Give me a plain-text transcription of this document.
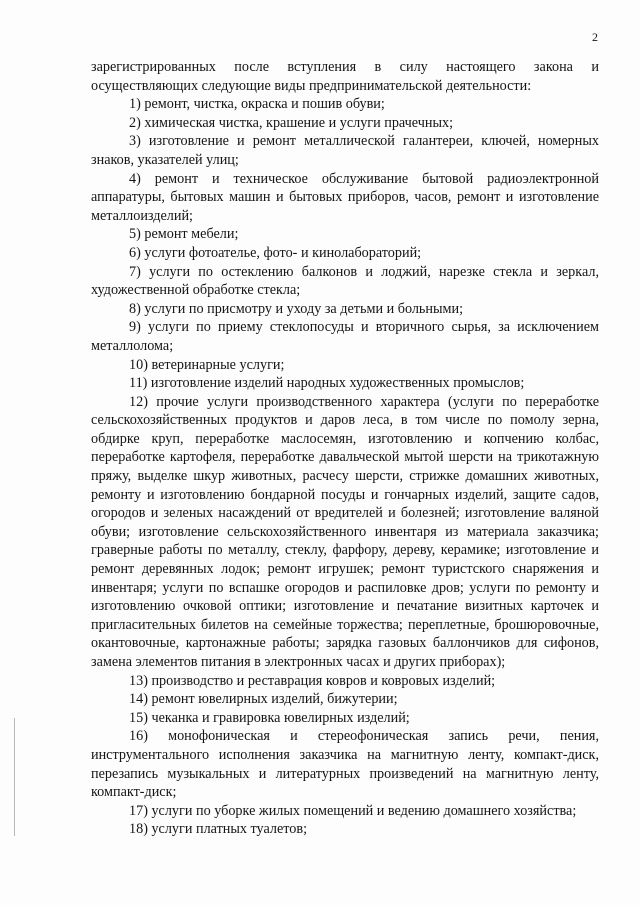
2

зарегистрированных после вступления в силу настоящего закона и осуществляющих следующие виды предпринимательской деятельности:

1) ремонт, чистка, окраска и пошив обуви;

2) химическая чистка, крашение и услуги прачечных;

3) изготовление и ремонт металлической галантереи, ключей, номерных знаков, указателей улиц;

4) ремонт и техническое обслуживание бытовой радиоэлектронной аппаратуры, бытовых машин и бытовых приборов, часов, ремонт и изготовление металлоизделий;

5) ремонт мебели;

6) услуги фотоателье, фото- и кинолабораторий;

7) услуги по остеклению балконов и лоджий, нарезке стекла и зеркал, художественной обработке стекла;

8) услуги по присмотру и уходу за детьми и больными;

9) услуги по приему стеклопосуды и вторичного сырья, за исключением металлолома;

10) ветеринарные услуги;

11) изготовление изделий народных художественных промыслов;

12) прочие услуги производственного характера (услуги по переработке сельскохозяйственных продуктов и даров леса, в том числе по помолу зерна, обдирке круп, переработке маслосемян, изготовлению и копчению колбас, переработке картофеля, переработке давальческой мытой шерсти на трикотажную пряжу, выделке шкур животных, расчесу шерсти, стрижке домашних животных, ремонту и изготовлению бондарной посуды и гончарных изделий, защите садов, огородов и зеленых насаждений от вредителей и болезней; изготовление валяной обуви; изготовление сельскохозяйственного инвентаря из материала заказчика; граверные работы по металлу, стеклу, фарфору, дереву, керамике; изготовление и ремонт деревянных лодок; ремонт игрушек; ремонт туристского снаряжения и инвентаря; услуги по вспашке огородов и распиловке дров; услуги по ремонту и изготовлению очковой оптики; изготовление и печатание визитных карточек и пригласительных билетов на семейные торжества; переплетные, брошюровочные, окантовочные, картонажные работы; зарядка газовых баллончиков для сифонов, замена элементов питания в электронных часах и других приборах);

13) производство и реставрация ковров и ковровых изделий;

14) ремонт ювелирных изделий, бижутерии;

15) чеканка и гравировка ювелирных изделий;

16) монофоническая и стереофоническая запись речи, пения, инструментального исполнения заказчика на магнитную ленту, компакт-диск, перезапись музыкальных и литературных произведений на магнитную ленту, компакт-диск;

17) услуги по уборке жилых помещений и ведению домашнего хозяйства;

18) услуги платных туалетов;
